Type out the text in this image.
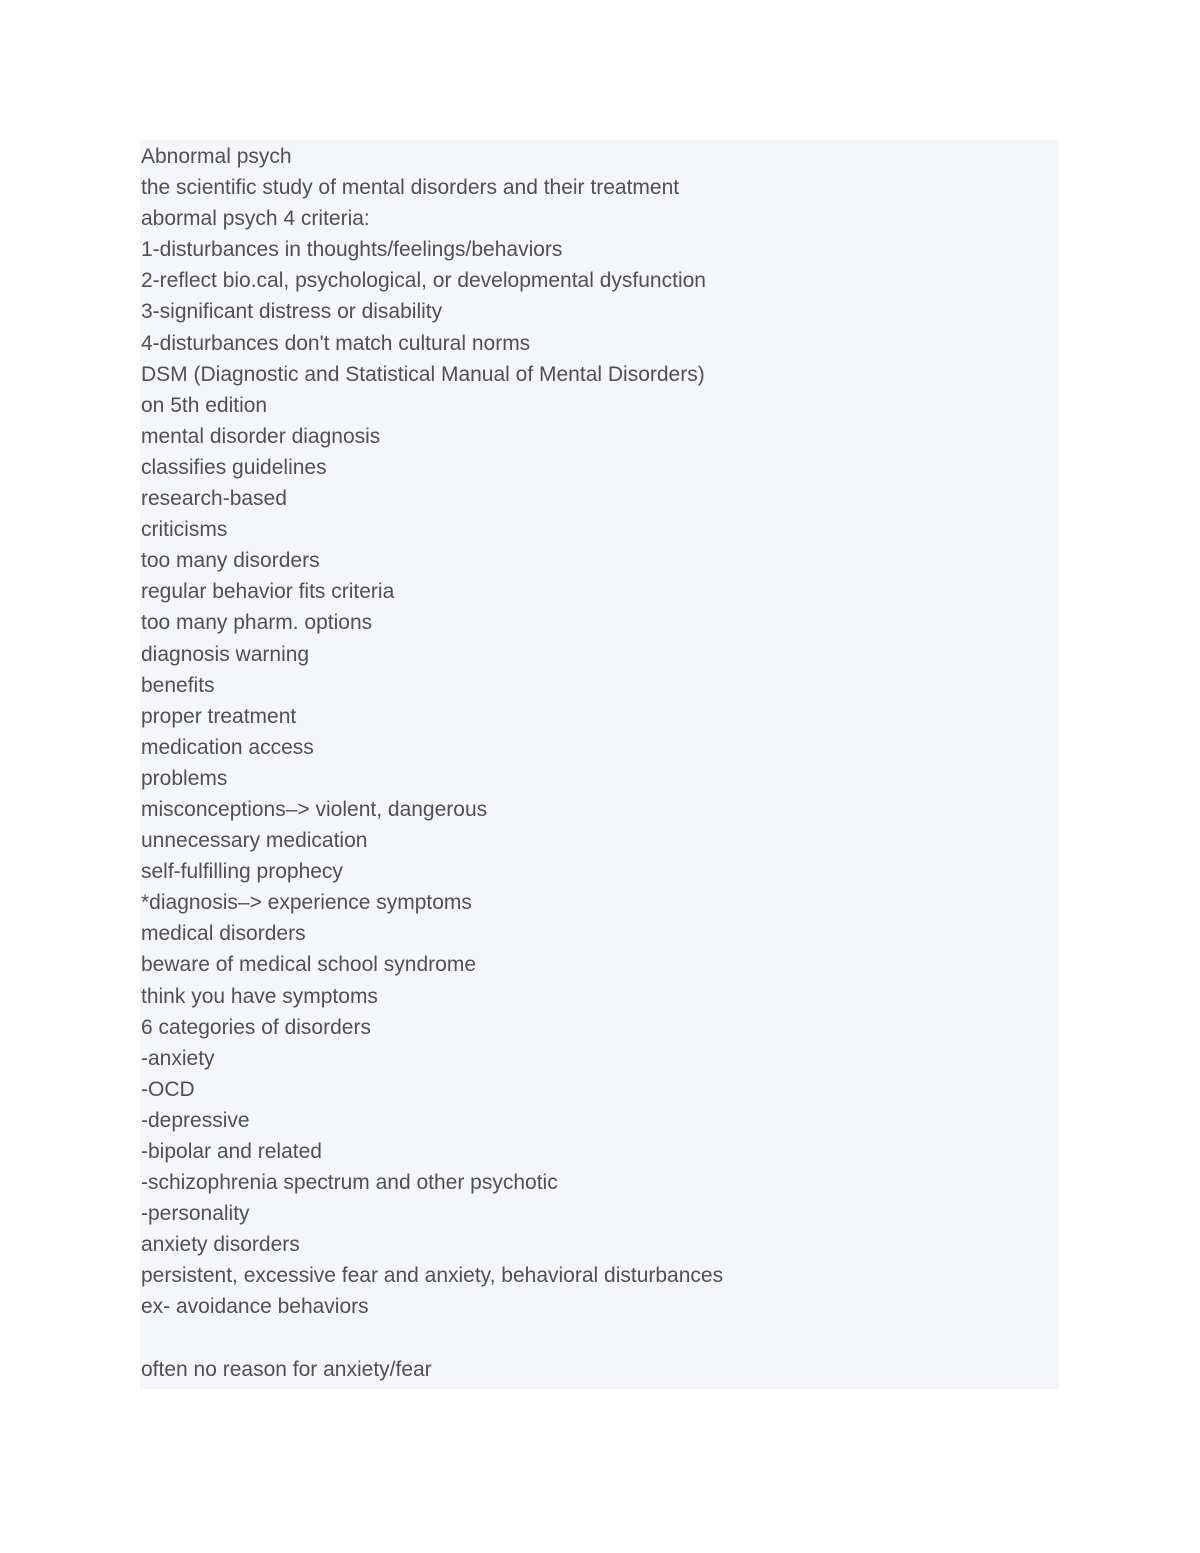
Abnormal psych
the scientific study of mental disorders and their treatment
abormal psych 4 criteria:
1-disturbances in thoughts/feelings/behaviors
2-reflect bio.cal, psychological, or developmental dysfunction
3-significant distress or disability
4-disturbances don't match cultural norms
DSM (Diagnostic and Statistical Manual of Mental Disorders)
on 5th edition
mental disorder diagnosis
classifies guidelines
research-based
criticisms
too many disorders
regular behavior fits criteria
too many pharm. options
diagnosis warning
benefits
proper treatment
medication access
problems
misconceptions–> violent, dangerous
unnecessary medication
self-fulfilling prophecy
*diagnosis–> experience symptoms
medical disorders
beware of medical school syndrome
think you have symptoms
6 categories of disorders
-anxiety
-OCD
-depressive
-bipolar and related
-schizophrenia spectrum and other psychotic
-personality
anxiety disorders
persistent, excessive fear and anxiety, behavioral disturbances
ex- avoidance behaviors
often no reason for anxiety/fear
